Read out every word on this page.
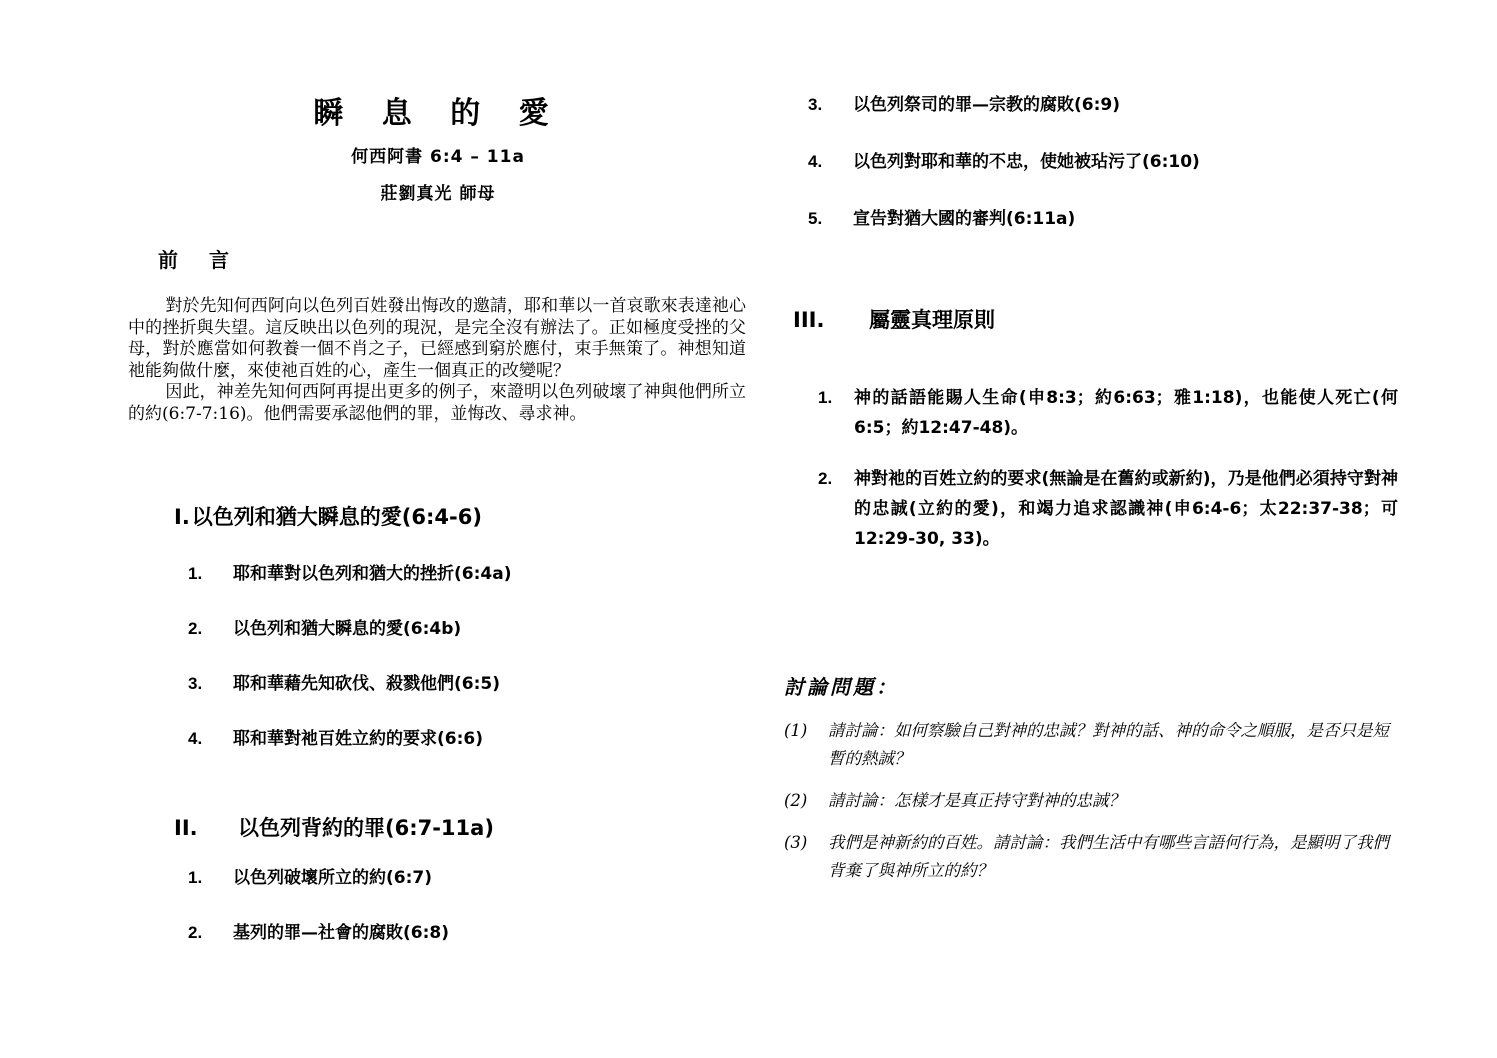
瞬 息 的 愛
何西阿書 6:4 – 11a
莊劉真光 師母
前 言

對於先知何西阿向以色列百姓發出悔改的邀請，耶和華以一首哀歌來表達祂心中的挫折與失望。這反映出以色列的現況，是完全沒有辦法了。正如極度受挫的父母，對於應當如何教養一個不肖之子，已經感到窮於應付，束手無策了。神想知道祂能夠做什麼，來使祂百姓的心，產生一個真正的改變呢？

因此，神差先知何西阿再提出更多的例子，來證明以色列破壞了神與他們所立的約(6:7-7:16)。他們需要承認他們的罪，並悔改、尋求神。

I.以色列和猶大瞬息的愛(6:4-6)
1.	耶和華對以色列和猶大的挫折(6:4a)
2.	以色列和猶大瞬息的愛(6:4b)
3.	耶和華藉先知砍伐、殺戮他們(6:5)
4.	耶和華對祂百姓立約的要求(6:6)
II. 以色列背約的罪(6:7-11a)
1.	以色列破壞所立的約(6:7)
2.	基列的罪—社會的腐敗(6:8)
3.	以色列祭司的罪—宗教的腐敗(6:9)
4.	以色列對耶和華的不忠，使她被玷污了(6:10)
5.	宣告對猶大國的審判(6:11a)
III. 屬靈真理原則
1.	神的話語能賜人生命(申8:3；約6:63；雅1:18)，也能使人死亡(何6:5；約12:47-48)。
2.	神對祂的百姓立約的要求(無論是在舊約或新約)，乃是他們必須持守對神的忠誠(立約的愛)，和竭力追求認識神(申6:4-6；太22:37-38；可12:29-30, 33)。
討論問題：
(1)	請討論：如何察驗自己對神的忠誠？對神的話、神的命令之順服，是否只是短暫的熱誠？
(2)	請討論：怎樣才是真正持守對神的忠誠？
(3)	我們是神新約的百姓。請討論：我們生活中有哪些言語何行為，是顯明了我們背棄了與神所立的約？
